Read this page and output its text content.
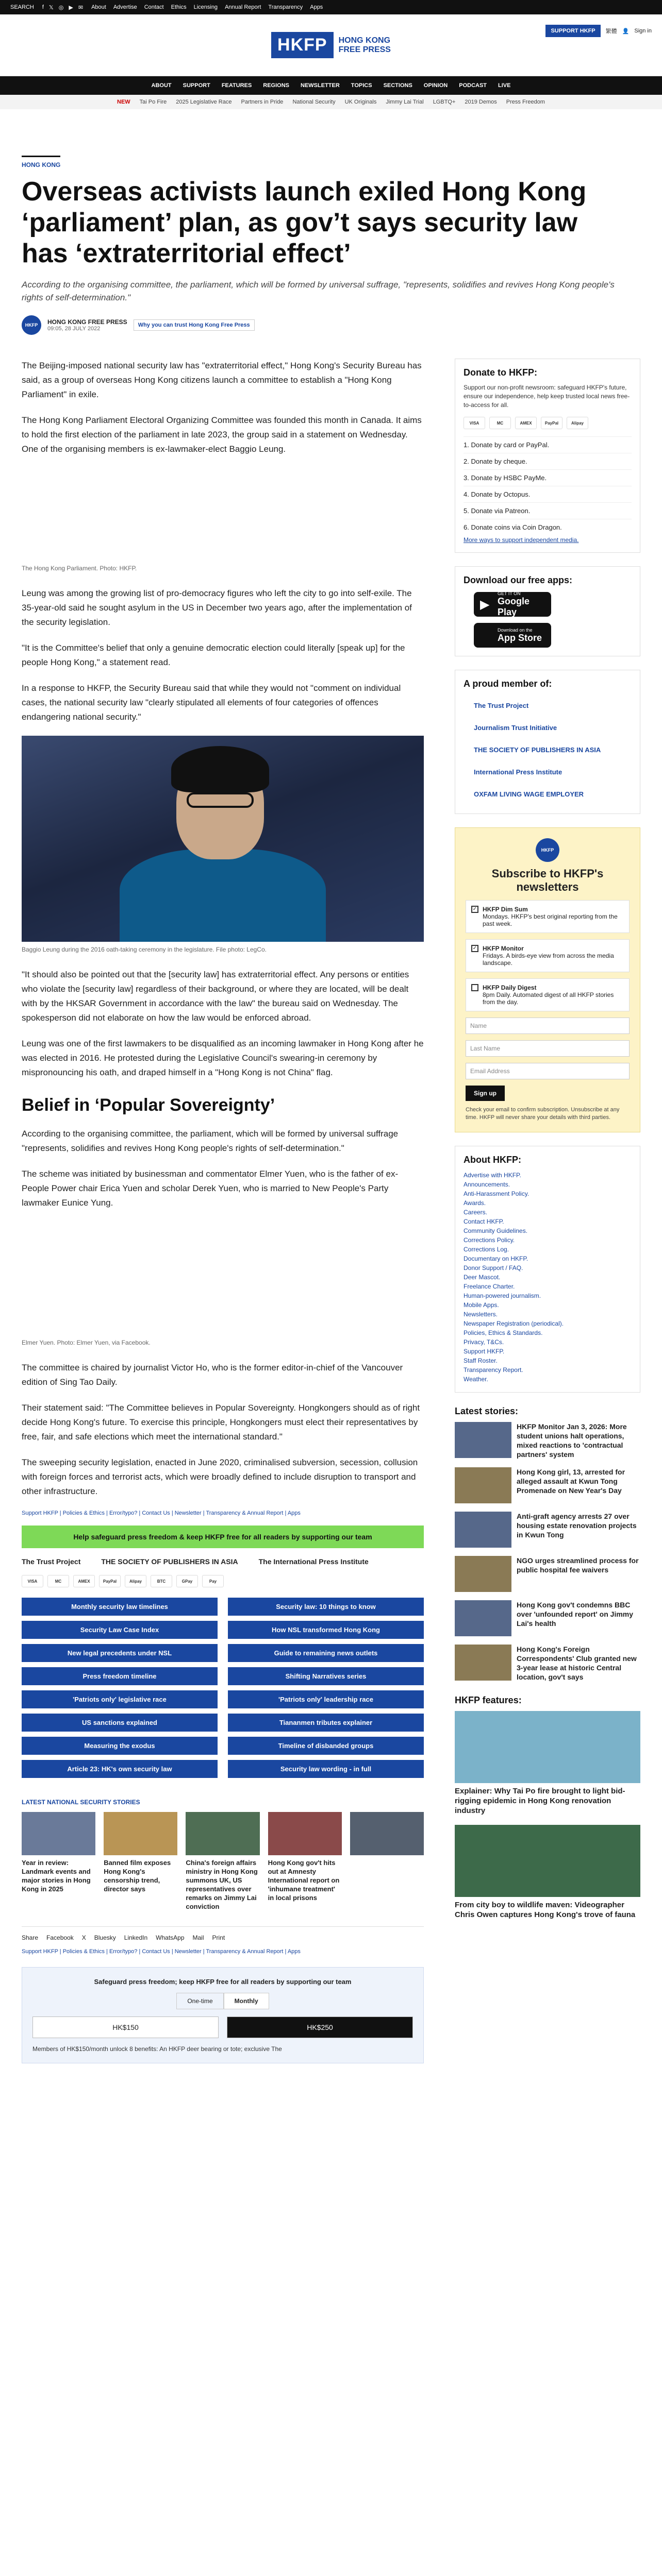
SEARCH f 𝕏 ◎ ▶ ✉ About Advertise Contact Ethics Licensing Annual Report Transparency Apps
HKFP	HONG KONG
FREE PRESS
SUPPORT HKFP	繁體 👤 Sign in
ABOUT SUPPORT FEATURES REGIONS NEWSLETTER TOPICS SECTIONS OPINION PODCAST LIVE
NEW Tai Po Fire 2025 Legislative Race Partners in Pride National Security UK Originals Jimmy Lai Trial LGBTQ+ 2019 Demos Press Freedom
HONG KONG
Overseas activists launch exiled Hong Kong ‘parliament’ plan, as gov’t says security law has ‘extraterritorial effect’
According to the organising committee, the parliament, which will be formed by universal suffrage, "represents, solidifies and revives Hong Kong people's rights of self-determination."
HKFP	HONG KONG FREE PRESS
09:05, 28 JULY 2022
Why you can trust Hong Kong Free Press

The Beijing-imposed national security law has "extraterritorial effect," Hong Kong's Security Bureau has said, as a group of overseas Hong Kong citizens launch a committee to establish a "Hong Kong Parliament" in exile.

The Hong Kong Parliament Electoral Organizing Committee was founded this month in Canada. It aims to hold the first election of the parliament in late 2023, the group said in a statement on Wednesday. One of the organising members is ex-lawmaker-elect Baggio Leung.

The Hong Kong Parliament. Photo: HKFP.

Leung was among the growing list of pro-democracy figures who left the city to go into self-exile. The 35-year-old said he sought asylum in the US in December two years ago, after the implementation of the security legislation.

"It is the Committee's belief that only a genuine democratic election could literally [speak up] for the people Hong Kong," a statement read.

In a response to HKFP, the Security Bureau said that while they would not "comment on individual cases, the national security law "clearly stipulated all elements of four categories of offences endangering national security."

Baggio Leung during the 2016 oath-taking ceremony in the legislature. File photo: LegCo.

"It should also be pointed out that the [security law] has extraterritorial effect. Any persons or entities who violate the [security law] regardless of their background, or where they are located, will be dealt with by the HKSAR Government in accordance with the law" the bureau said on Wednesday. The spokesperson did not elaborate on how the law would be enforced abroad.

Leung was one of the first lawmakers to be disqualified as an incoming lawmaker in Hong Kong after he was elected in 2016. He protested during the Legislative Council's swearing-in ceremony by mispronouncing his oath, and draped himself in a "Hong Kong is not China" flag.

Belief in ‘Popular Sovereignty’

According to the organising committee, the parliament, which will be formed by universal suffrage "represents, solidifies and revives Hong Kong people's rights of self-determination."

The scheme was initiated by businessman and commentator Elmer Yuen, who is the father of ex-People Power chair Erica Yuen and scholar Derek Yuen, who is married to New People's Party lawmaker Eunice Yung.

Elmer Yuen. Photo: Elmer Yuen, via Facebook.

The committee is chaired by journalist Victor Ho, who is the former editor-in-chief of the Vancouver edition of Sing Tao Daily.

Their statement said: "The Committee believes in Popular Sovereignty. Hongkongers should as of right decide Hong Kong's future. To exercise this principle, Hongkongers must elect their representatives by free, fair, and safe elections which meet the international standard."

The sweeping security legislation, enacted in June 2020, criminalised subversion, secession, collusion with foreign forces and terrorist acts, which were broadly defined to include disruption to transport and other infrastructure.

Support HKFP | Policies & Ethics | Error/typo? | Contact Us | Newsletter | Transparency & Annual Report | Apps
Help safeguard press freedom & keep HKFP free for all readers by supporting our team
The Trust Project	THE SOCIETY OF PUBLISHERS IN ASIA	The International Press Institute
VISA	MC	AMEX	PayPal	Alipay	BTC	GPay	Pay
Monthly security law timelines	Security law: 10 things to know
Security Law Case Index	How NSL transformed Hong Kong
New legal precedents under NSL	Guide to remaining news outlets
Press freedom timeline	Shifting Narratives series
'Patriots only' legislative race	'Patriots only' leadership race
US sanctions explained	Tiananmen tributes explainer
Measuring the exodus	Timeline of disbanded groups
Article 23: HK's own security law	Security law wording - in full
LATEST NATIONAL SECURITY STORIES
Year in review: Landmark events and major stories in Hong Kong in 2025
Banned film exposes Hong Kong's censorship trend, director says
China's foreign affairs ministry in Hong Kong summons UK, US representatives over remarks on Jimmy Lai conviction
Hong Kong gov't hits out at Amnesty International report on 'inhumane treatment' in local prisons
Share Facebook X Bluesky LinkedIn WhatsApp Mail Print
Support HKFP | Policies & Ethics | Error/typo? | Contact Us | Newsletter | Transparency & Annual Report | Apps
Safeguard press freedom; keep HKFP free for all readers by supporting our team
One-time	Monthly
HK$150	HK$250
Members of HK$150/month unlock 8 benefits: An HKFP deer bearing or tote; exclusive The
Donate to HKFP:
Support our non-profit newsroom: safeguard HKFP's future, ensure our independence, help keep trusted local news free-to-access for all.
VISA	MC	AMEX	PayPal	Alipay
1. Donate by card or PayPal.
2. Donate by cheque.
3. Donate by HSBC PayMe.
4. Donate by Octopus.
5. Donate via Patreon.
6. Donate coins via Coin Dragon.
More ways to support independent media.
Download our free apps:
▶
GET IT ON
Google Play
Download on the
App Store
A proud member of:
The Trust Project
Journalism Trust Initiative
THE SOCIETY OF PUBLISHERS IN ASIA
International Press Institute
OXFAM LIVING WAGE EMPLOYER
HKFP
Subscribe to HKFP's newsletters
✓ HKFP Dim Sum
Mondays. HKFP's best original reporting from the past week.
✓ HKFP Monitor
Fridays. A birds-eye view from across the media landscape.
HKFP Daily Digest
8pm Daily. Automated digest of all HKFP stories from the day.
Name
Last Name
Email Address
Sign up
Check your email to confirm subscription. Unsubscribe at any time. HKFP will never share your details with third parties.
About HKFP:
Advertise with HKFP.
Announcements.
Anti-Harassment Policy.
Awards.
Careers.
Contact HKFP.
Community Guidelines.
Corrections Policy.
Corrections Log.
Documentary on HKFP.
Donor Support / FAQ.
Deer Mascot.
Freelance Charter.
Human-powered journalism.
Mobile Apps.
Newsletters.
Newspaper Registration (periodical).
Policies, Ethics & Standards.
Privacy, T&Cs.
Support HKFP.
Staff Roster.
Transparency Report.
Weather.
Latest stories:
HKFP Monitor Jan 3, 2026: More student unions halt operations, mixed reactions to 'contractual partners' system
Hong Kong girl, 13, arrested for alleged assault at Kwun Tong Promenade on New Year's Day
Anti-graft agency arrests 27 over housing estate renovation projects in Kwun Tong
NGO urges streamlined process for public hospital fee waivers
Hong Kong gov't condemns BBC over 'unfounded report' on Jimmy Lai's health
Hong Kong's Foreign Correspondents' Club granted new 3-year lease at historic Central location, gov't says
HKFP features:
Explainer: Why Tai Po fire brought to light bid-rigging epidemic in Hong Kong renovation industry
From city boy to wildlife maven: Videographer Chris Owen captures Hong Kong's trove of fauna
